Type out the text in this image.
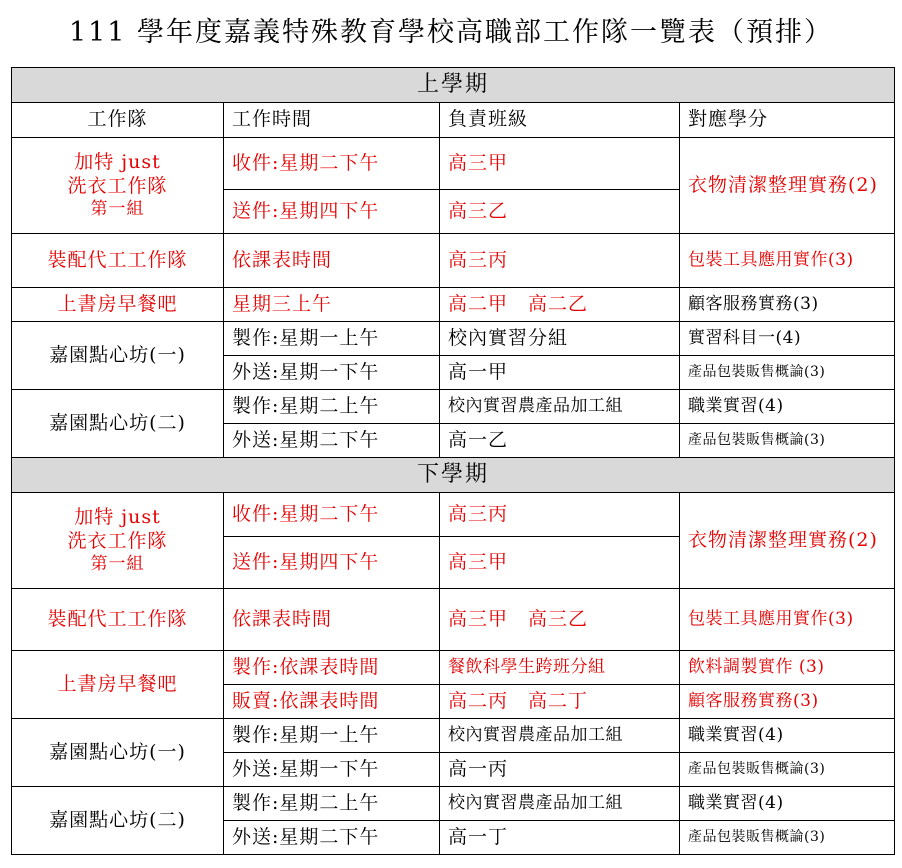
111 學年度嘉義特殊教育學校高職部工作隊一覽表（預排）
上學期			
工作隊	工作時間	負責班級	對應學分

加特 just
洗衣工作隊
第一組	收件:星期二下午	高三甲	衣物清潔整理實務(2)
	送件:星期四下午	高三乙	
裝配代工工作隊	依課表時間	高三丙	包裝工具應用實作(3)
上書房早餐吧	星期三上午	高二甲　高二乙	顧客服務實務(3)
嘉園點心坊(一)	製作:星期一上午	校內實習分組	實習科目一(4)
	外送:星期一下午	高一甲	產品包裝販售概論(3)
嘉園點心坊(二)	製作:星期二上午	校內實習農產品加工組	職業實習(4)
	外送:星期二下午	高一乙	產品包裝販售概論(3)
下學期			

加特 just
洗衣工作隊
第一組	收件:星期二下午	高三丙	衣物清潔整理實務(2)
	送件:星期四下午	高三甲	
裝配代工工作隊	依課表時間	高三甲　高三乙	包裝工具應用實作(3)
上書房早餐吧	製作:依課表時間	餐飲科學生跨班分組	飲料調製實作 (3)
	販賣:依課表時間	高二丙　高二丁	顧客服務實務(3)
嘉園點心坊(一)	製作:星期一上午	校內實習農產品加工組	職業實習(4)
	外送:星期一下午	高一丙	產品包裝販售概論(3)
嘉園點心坊(二)	製作:星期二上午	校內實習農產品加工組	職業實習(4)
	外送:星期二下午	高一丁	產品包裝販售概論(3)
